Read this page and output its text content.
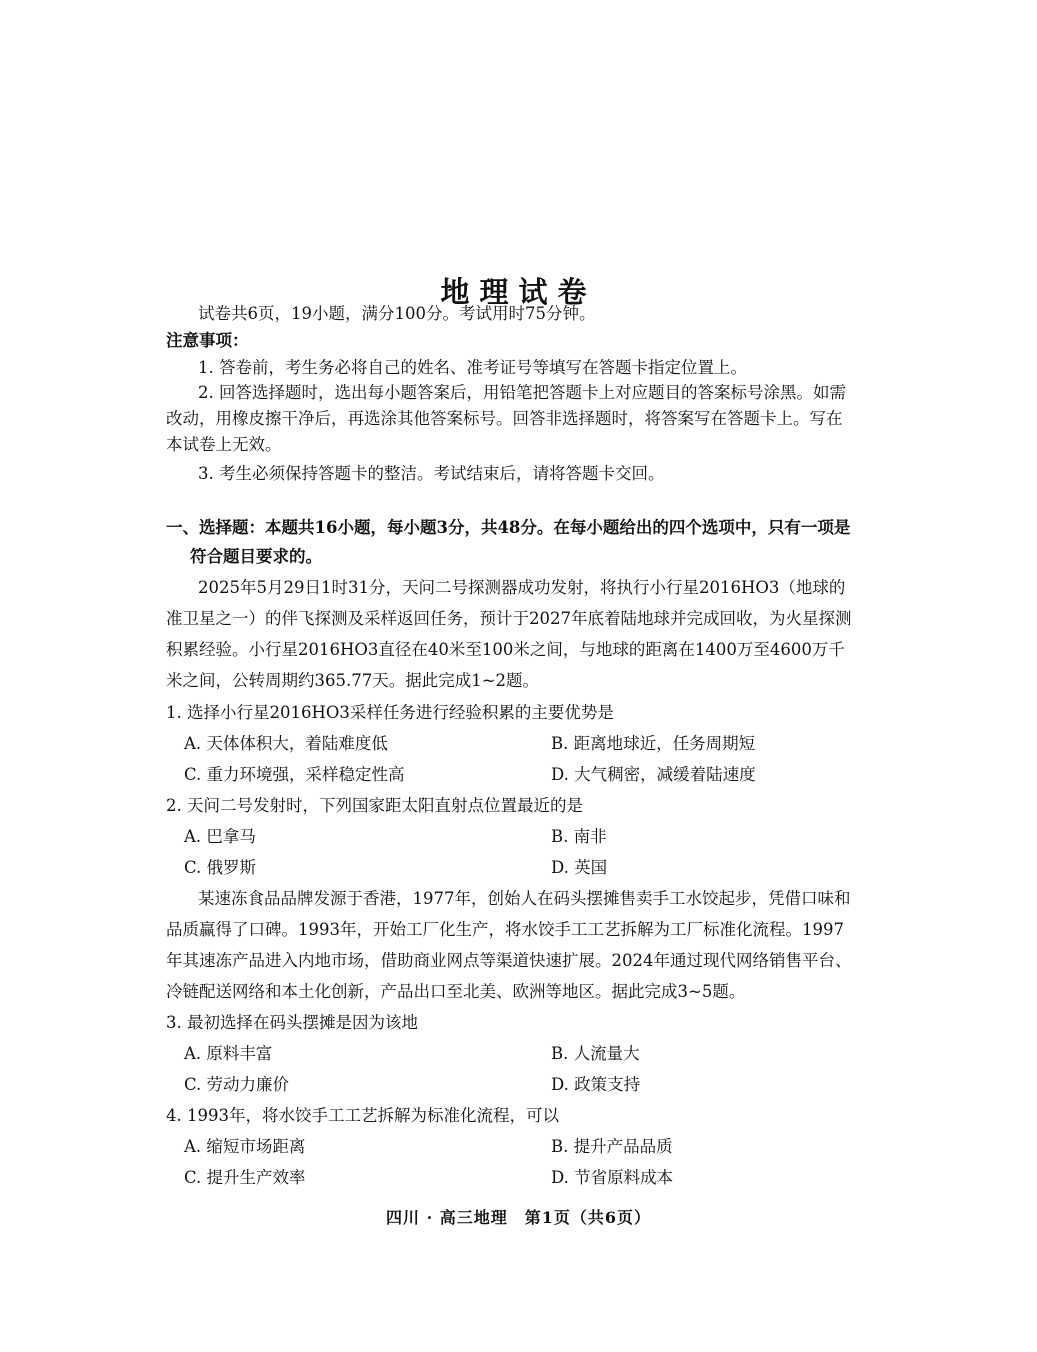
地理试卷
试卷共6页，19小题，满分100分。考试用时75分钟。
注意事项：
1. 答卷前，考生务必将自己的姓名、准考证号等填写在答题卡指定位置上。
2. 回答选择题时，选出每小题答案后，用铅笔把答题卡上对应题目的答案标号涂黑。如需
改动，用橡皮擦干净后，再选涂其他答案标号。回答非选择题时，将答案写在答题卡上。写在
本试卷上无效。
3. 考生必须保持答题卡的整洁。考试结束后，请将答题卡交回。
一、选择题：本题共16小题，每小题3分，共48分。在每小题给出的四个选项中，只有一项是
符合题目要求的。
2025年5月29日1时31分，天问二号探测器成功发射，将执行小行星2016HO3（地球的
准卫星之一）的伴飞探测及采样返回任务，预计于2027年底着陆地球并完成回收，为火星探测
积累经验。小行星2016HO3直径在40米至100米之间，与地球的距离在1400万至4600万千
米之间，公转周期约365.77天。据此完成1~2题。
1. 选择小行星2016HO3采样任务进行经验积累的主要优势是
A. 天体体积大，着陆难度低	B. 距离地球近，任务周期短
C. 重力环境强，采样稳定性高	D. 大气稠密，减缓着陆速度
2. 天问二号发射时，下列国家距太阳直射点位置最近的是
A. 巴拿马	B. 南非
C. 俄罗斯	D. 英国
某速冻食品品牌发源于香港，1977年，创始人在码头摆摊售卖手工水饺起步，凭借口味和
品质赢得了口碑。1993年，开始工厂化生产，将水饺手工工艺拆解为工厂标准化流程。1997
年其速冻产品进入内地市场，借助商业网点等渠道快速扩展。2024年通过现代网络销售平台、
冷链配送网络和本土化创新，产品出口至北美、欧洲等地区。据此完成3~5题。
3. 最初选择在码头摆摊是因为该地
A. 原料丰富	B. 人流量大
C. 劳动力廉价	D. 政策支持
4. 1993年，将水饺手工工艺拆解为标准化流程，可以
A. 缩短市场距离	B. 提升产品品质
C. 提升生产效率	D. 节省原料成本
四川 · 高三地理　第1页（共6页）
